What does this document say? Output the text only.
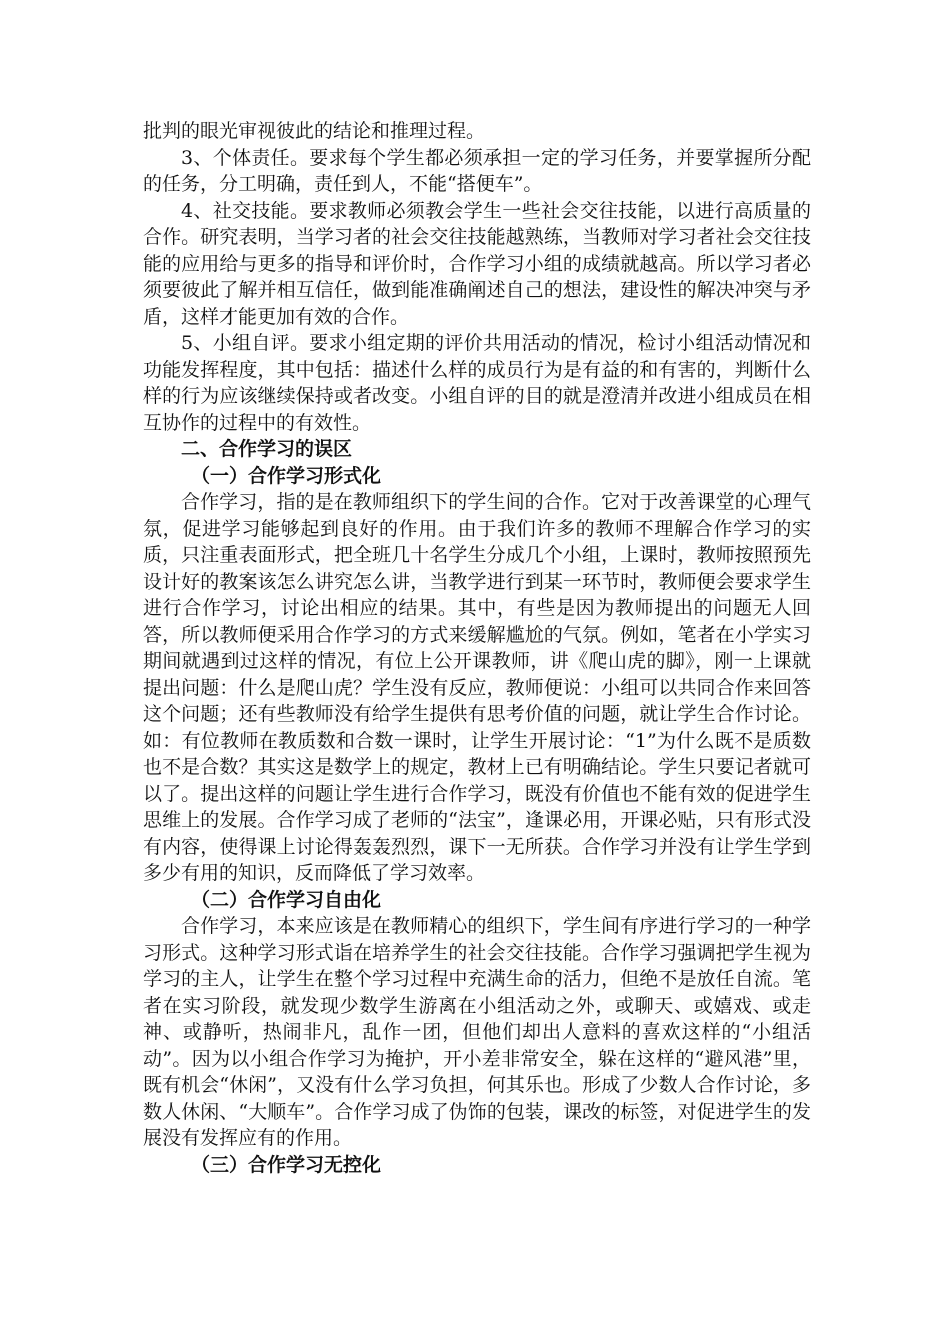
批判的眼光审视彼此的结论和推理过程。

3、个体责任。要求每个学生都必须承担一定的学习任务，并要掌握所分配的任务，分工明确，责任到人，不能“搭便车”。

4、社交技能。要求教师必须教会学生一些社会交往技能，以进行高质量的合作。研究表明，当学习者的社会交往技能越熟练，当教师对学习者社会交往技能的应用给与更多的指导和评价时，合作学习小组的成绩就越高。所以学习者必须要彼此了解并相互信任，做到能准确阐述自己的想法，建设性的解决冲突与矛盾，这样才能更加有效的合作。

5、小组自评。要求小组定期的评价共用活动的情况，检讨小组活动情况和功能发挥程度，其中包括：描述什么样的成员行为是有益的和有害的，判断什么样的行为应该继续保持或者改变。小组自评的目的就是澄清并改进小组成员在相互协作的过程中的有效性。

二、合作学习的误区

（一）合作学习形式化

合作学习，指的是在教师组织下的学生间的合作。它对于改善课堂的心理气氛，促进学习能够起到良好的作用。由于我们许多的教师不理解合作学习的实质，只注重表面形式，把全班几十名学生分成几个小组，上课时，教师按照预先设计好的教案该怎么讲究怎么讲，当教学进行到某一环节时，教师便会要求学生进行合作学习，讨论出相应的结果。其中，有些是因为教师提出的问题无人回答，所以教师便采用合作学习的方式来缓解尴尬的气氛。例如，笔者在小学实习期间就遇到过这样的情况，有位上公开课教师，讲《爬山虎的脚》，刚一上课就提出问题：什么是爬山虎？学生没有反应，教师便说：小组可以共同合作来回答这个问题；还有些教师没有给学生提供有思考价值的问题，就让学生合作讨论。如：有位教师在教质数和合数一课时，让学生开展讨论：“1”为什么既不是质数也不是合数？其实这是数学上的规定，教材上已有明确结论。学生只要记者就可以了。提出这样的问题让学生进行合作学习，既没有价值也不能有效的促进学生思维上的发展。合作学习成了老师的“法宝”，逢课必用，开课必贴，只有形式没有内容，使得课上讨论得轰轰烈烈，课下一无所获。合作学习并没有让学生学到多少有用的知识，反而降低了学习效率。

（二）合作学习自由化

合作学习，本来应该是在教师精心的组织下，学生间有序进行学习的一种学习形式。这种学习形式诣在培养学生的社会交往技能。合作学习强调把学生视为学习的主人，让学生在整个学习过程中充满生命的活力，但绝不是放任自流。笔者在实习阶段，就发现少数学生游离在小组活动之外，或聊天、或嬉戏、或走神、或静听，热闹非凡，乱作一团，但他们却出人意料的喜欢这样的“小组活动”。因为以小组合作学习为掩护，开小差非常安全，躲在这样的“避风港”里，既有机会“休闲”，又没有什么学习负担，何其乐也。形成了少数人合作讨论，多数人休闲、“大顺车”。合作学习成了伪饰的包装，课改的标签，对促进学生的发展没有发挥应有的作用。

（三）合作学习无控化
